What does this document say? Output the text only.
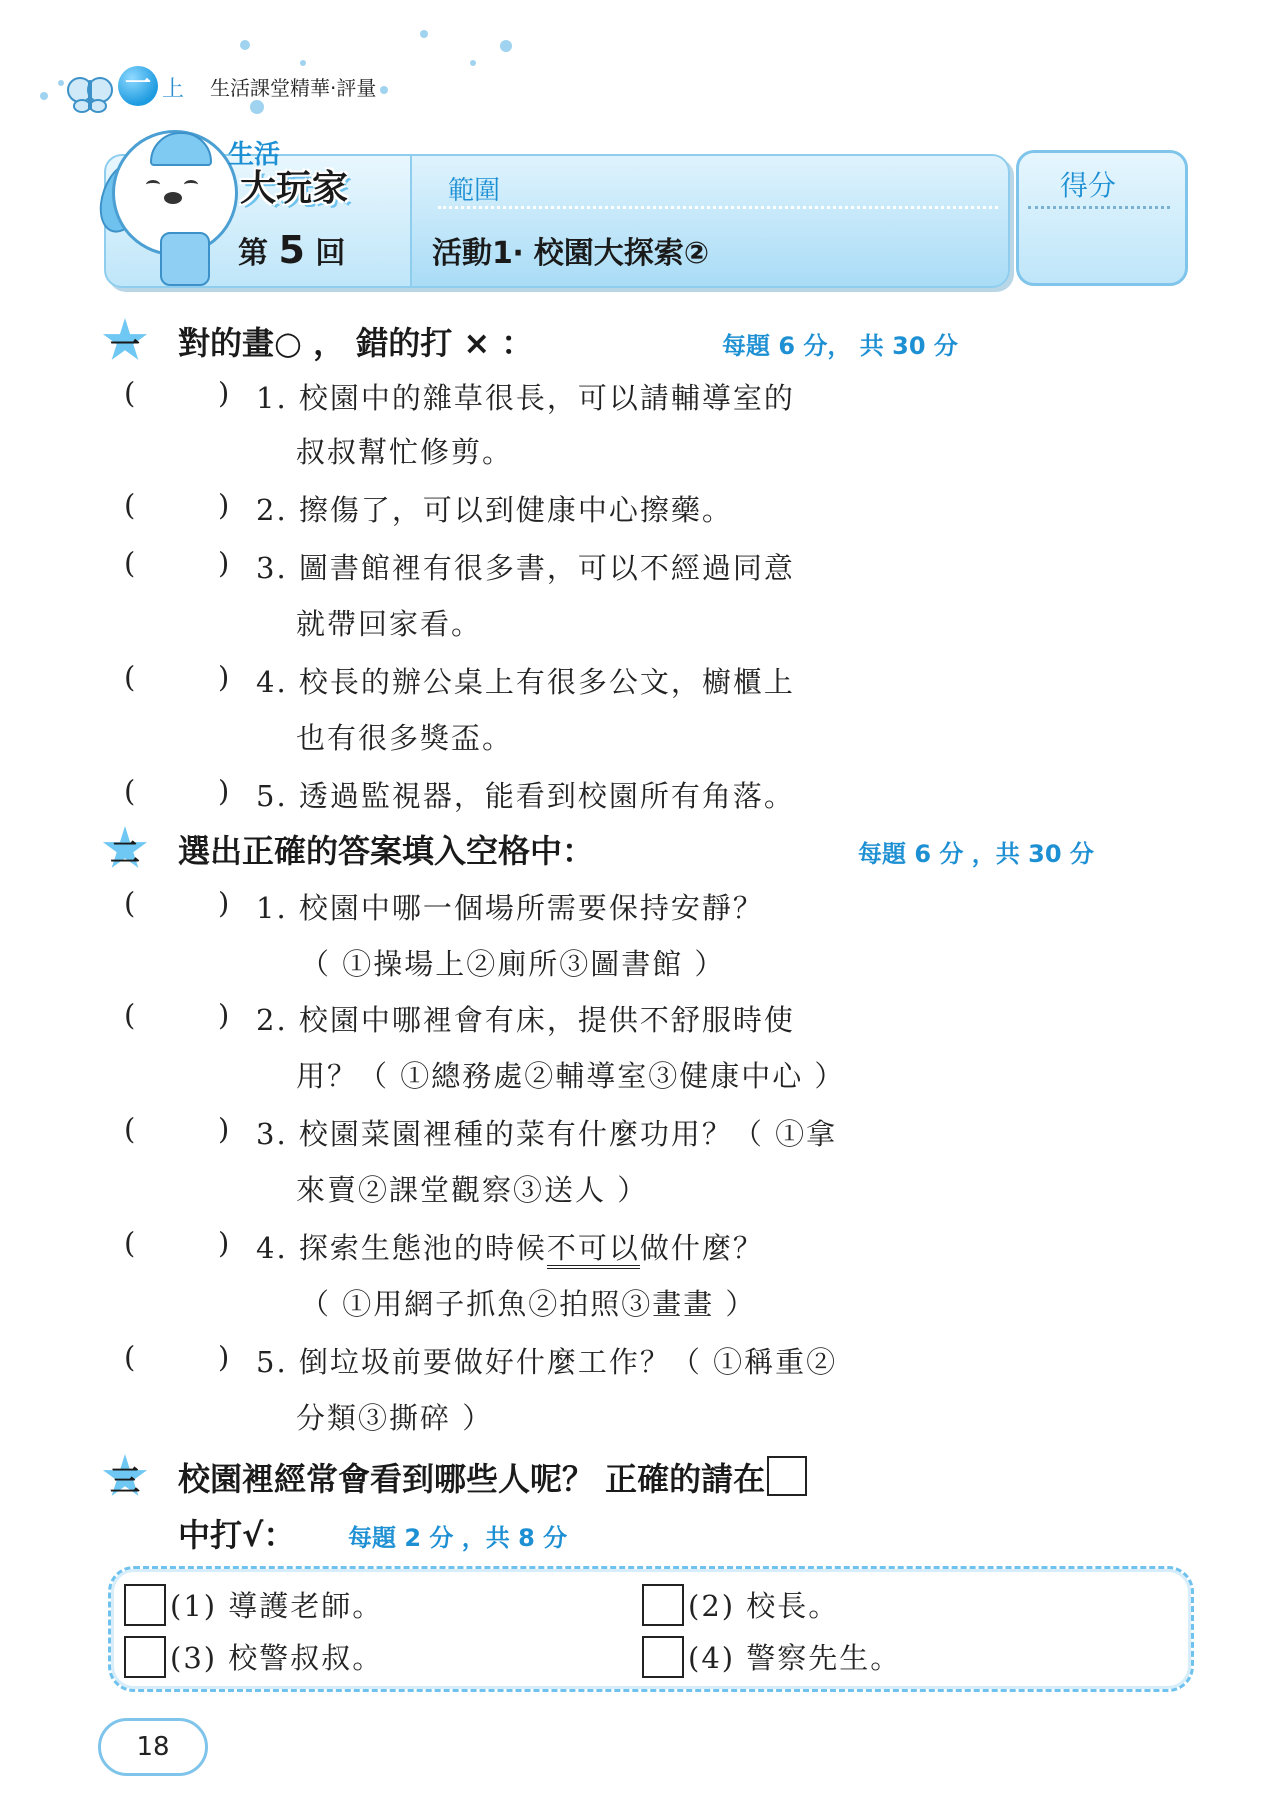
一 上 生活課堂精華‧評量
生活
大玩家
第 5 回
範圍
活動1‧ 校園大探索②
得分
一 對的畫○ ， 錯的打 × ：	每題 6 分， 共 30 分
(	) 1. 校園中的雜草很長，可以請輔導室的
叔叔幫忙修剪。
(	) 2. 擦傷了，可以到健康中心擦藥。
(	) 3. 圖書館裡有很多書，可以不經過同意
就帶回家看。
(	) 4. 校長的辦公桌上有很多公文，櫥櫃上
也有很多獎盃。
(	) 5. 透過監視器，能看到校園所有角落。
二 選出正確的答案填入空格中：	每題 6 分 ，共 30 分
(	) 1. 校園中哪一個場所需要保持安靜？
（ ①操場上②廁所③圖書館 ）
(	) 2. 校園中哪裡會有床，提供不舒服時使
用？（ ①總務處②輔導室③健康中心 ）
(	) 3. 校園菜園裡種的菜有什麼功用？（ ①拿
來賣②課堂觀察③送人 ）
(	) 4. 探索生態池的時候不可以做什麼？
（ ①用網子抓魚②拍照③畫畫 ）
(	) 5. 倒垃圾前要做好什麼工作？（ ①稱重②
分類③撕碎 ）
三 校園裡經常會看到哪些人呢？ 正確的請在
中打√： 每題 2 分 ，共 8 分
(1) 導護老師。	(2) 校長。
(3) 校警叔叔。	(4) 警察先生。
18
